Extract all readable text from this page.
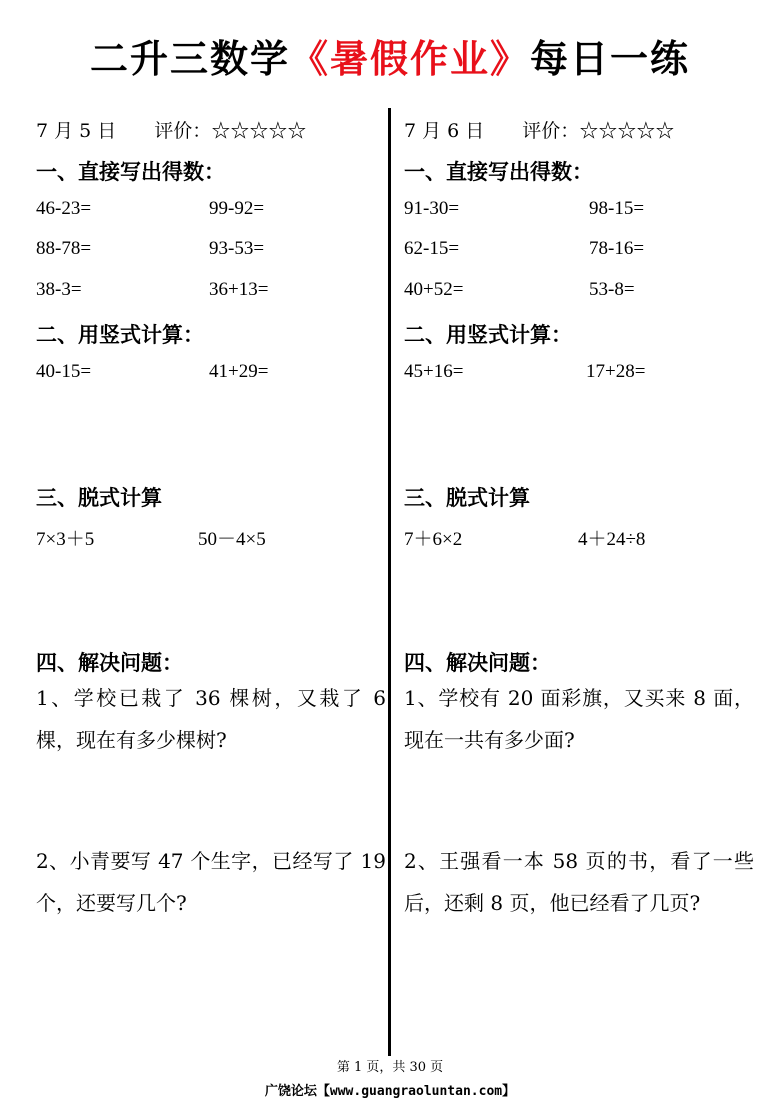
二升三数学《暑假作业》每日一练
7 月 5 日 评价：☆☆☆☆☆
一、直接写出得数：
46-23=	99-92=
88-78=	93-53=
38-3=	36+13=
二、用竖式计算：
40-15=	41+29=
三、脱式计算
7×3＋5	50－4×5
四、解决问题：
1、学校已栽了 36 棵树，又栽了 6 棵，现在有多少棵树?
2、小青要写 47 个生字，已经写了 19 个，还要写几个?
7 月 6 日 评价：☆☆☆☆☆
一、直接写出得数：
91-30=	98-15=
62-15=	78-16=
40+52=	53-8=
二、用竖式计算：
45+16=	17+28=
三、脱式计算
7＋6×2	4＋24÷8
四、解决问题：
1、学校有 20 面彩旗，又买来 8 面，现在一共有多少面?
2、王强看一本 58 页的书，看了一些后，还剩 8 页，他已经看了几页?
第 1 页，共 30 页
广饶论坛【www.guangraoluntan.com】
